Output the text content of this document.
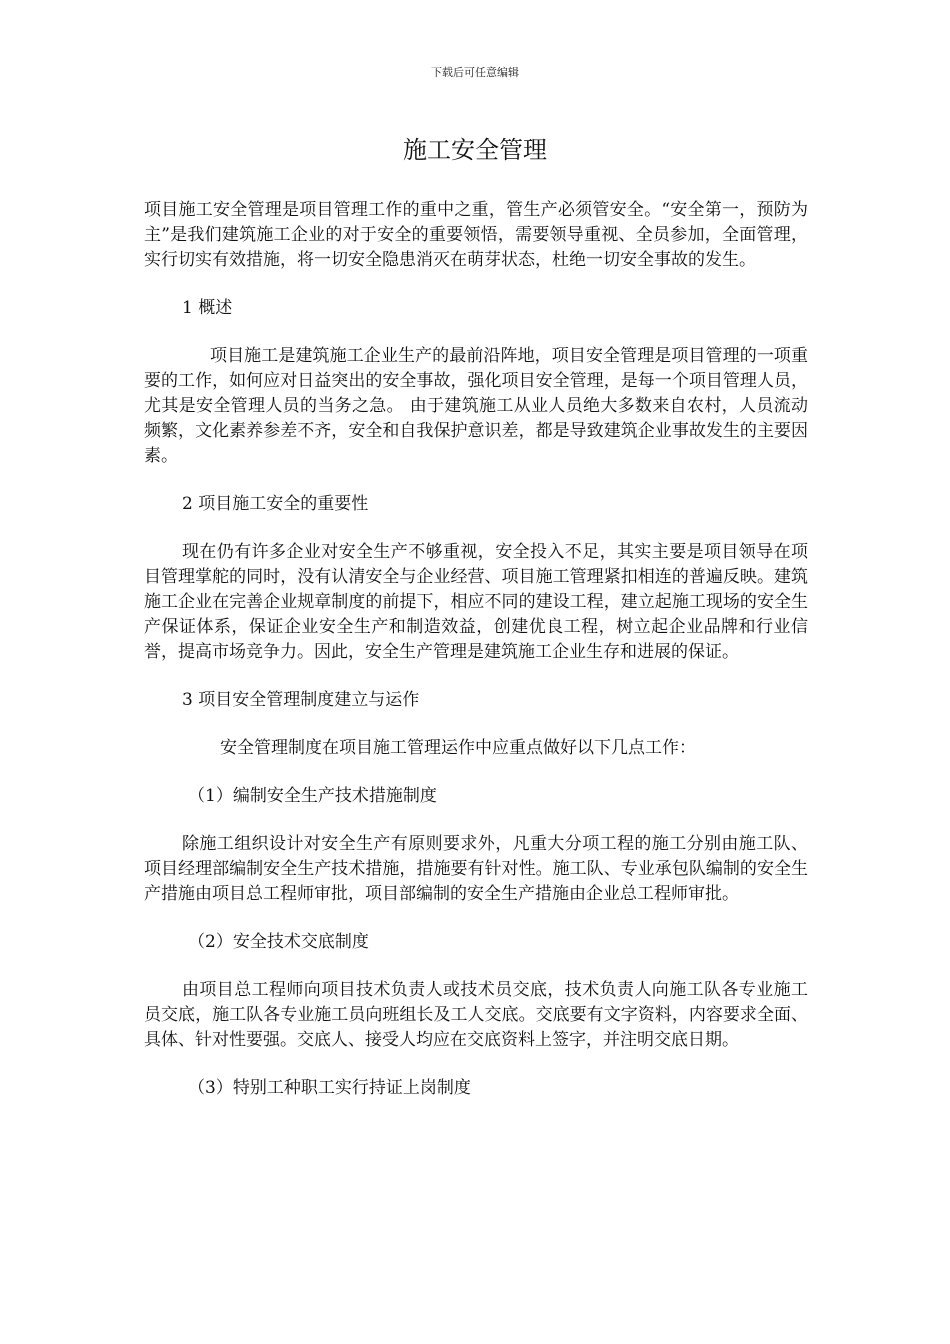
下载后可任意编辑
施工安全管理

项目施工安全管理是项目管理工作的重中之重，管生产必须管安全。“安全第一，预防为主”是我们建筑施工企业的对于安全的重要领悟，需要领导重视、全员参加，全面管理，实行切实有效措施，将一切安全隐患消灭在萌芽状态，杜绝一切安全事故的发生。

1 概述

项目施工是建筑施工企业生产的最前沿阵地，项目安全管理是项目管理的一项重要的工作，如何应对日益突出的安全事故，强化项目安全管理，是每一个项目管理人员，尤其是安全管理人员的当务之急。 由于建筑施工从业人员绝大多数来自农村，人员流动频繁，文化素养参差不齐，安全和自我保护意识差，都是导致建筑企业事故发生的主要因素。

2 项目施工安全的重要性

现在仍有许多企业对安全生产不够重视，安全投入不足，其实主要是项目领导在项目管理掌舵的同时，没有认清安全与企业经营、项目施工管理紧扣相连的普遍反映。建筑施工企业在完善企业规章制度的前提下，相应不同的建设工程，建立起施工现场的安全生产保证体系，保证企业安全生产和制造效益，创建优良工程，树立起企业品牌和行业信誉，提高市场竞争力。因此，安全生产管理是建筑施工企业生存和进展的保证。

3 项目安全管理制度建立与运作

安全管理制度在项目施工管理运作中应重点做好以下几点工作：

（1）编制安全生产技术措施制度

除施工组织设计对安全生产有原则要求外，凡重大分项工程的施工分别由施工队、项目经理部编制安全生产技术措施，措施要有针对性。施工队、专业承包队编制的安全生产措施由项目总工程师审批，项目部编制的安全生产措施由企业总工程师审批。

（2）安全技术交底制度

由项目总工程师向项目技术负责人或技术员交底，技术负责人向施工队各专业施工员交底，施工队各专业施工员向班组长及工人交底。交底要有文字资料，内容要求全面、具体、针对性要强。交底人、接受人均应在交底资料上签字，并注明交底日期。

（3）特别工种职工实行持证上岗制度
